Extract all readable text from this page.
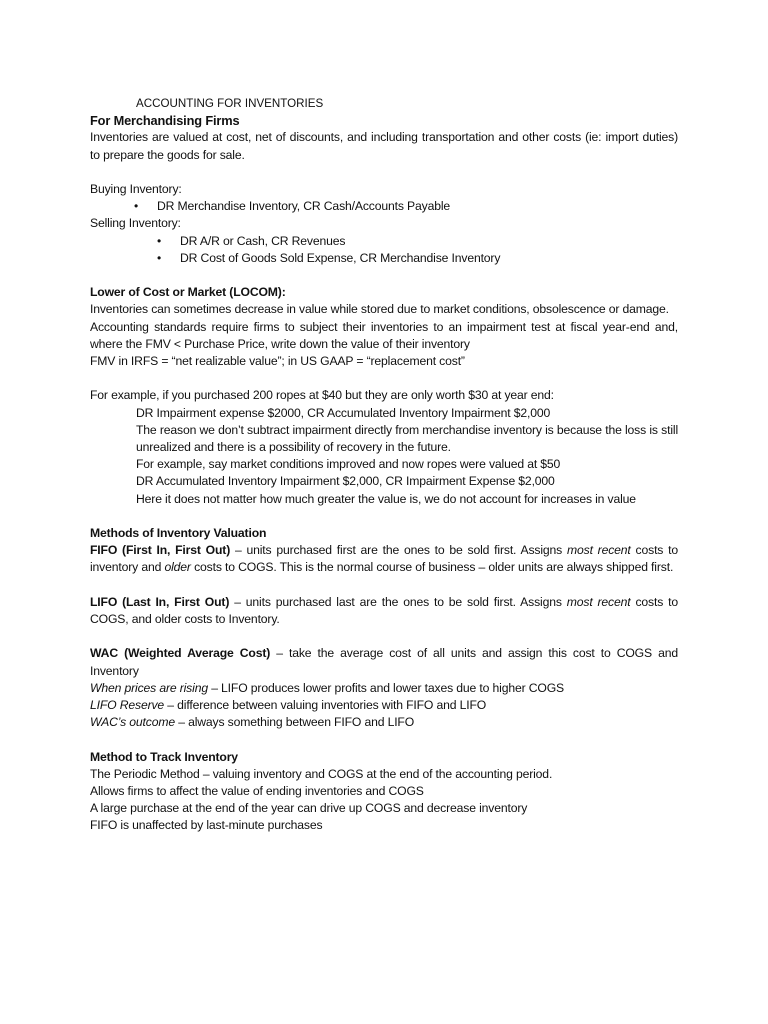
ACCOUNTING FOR INVENTORIES
For Merchandising Firms
Inventories are valued at cost, net of discounts, and including transportation and other costs (ie: import duties) to prepare the goods for sale.
Buying Inventory:
• DR Merchandise Inventory, CR Cash/Accounts Payable
Selling Inventory:
• DR A/R or Cash, CR Revenues
• DR Cost of Goods Sold Expense, CR Merchandise Inventory
Lower of Cost or Market (LOCOM):
Inventories can sometimes decrease in value while stored due to market conditions, obsolescence or damage.
Accounting standards require firms to subject their inventories to an impairment test at fiscal year-end and, where the FMV < Purchase Price, write down the value of their inventory
FMV in IRFS = “net realizable value”; in US GAAP = “replacement cost”
For example, if you purchased 200 ropes at $40 but they are only worth $30 at year end:
DR Impairment expense $2000, CR Accumulated Inventory Impairment $2,000
The reason we don’t subtract impairment directly from merchandise inventory is because the loss is still unrealized and there is a possibility of recovery in the future.
For example, say market conditions improved and now ropes were valued at $50
DR Accumulated Inventory Impairment $2,000, CR Impairment Expense $2,000
Here it does not matter how much greater the value is, we do not account for increases in value
Methods of Inventory Valuation
FIFO (First In, First Out) – units purchased first are the ones to be sold first. Assigns most recent costs to inventory and older costs to COGS. This is the normal course of business – older units are always shipped first.
LIFO (Last In, First Out) – units purchased last are the ones to be sold first. Assigns most recent costs to COGS, and older costs to Inventory.
WAC (Weighted Average Cost) – take the average cost of all units and assign this cost to COGS and Inventory
When prices are rising – LIFO produces lower profits and lower taxes due to higher COGS
LIFO Reserve – difference between valuing inventories with FIFO and LIFO
WAC’s outcome – always something between FIFO and LIFO
Method to Track Inventory
The Periodic Method – valuing inventory and COGS at the end of the accounting period.
Allows firms to affect the value of ending inventories and COGS
A large purchase at the end of the year can drive up COGS and decrease inventory
FIFO is unaffected by last-minute purchases
